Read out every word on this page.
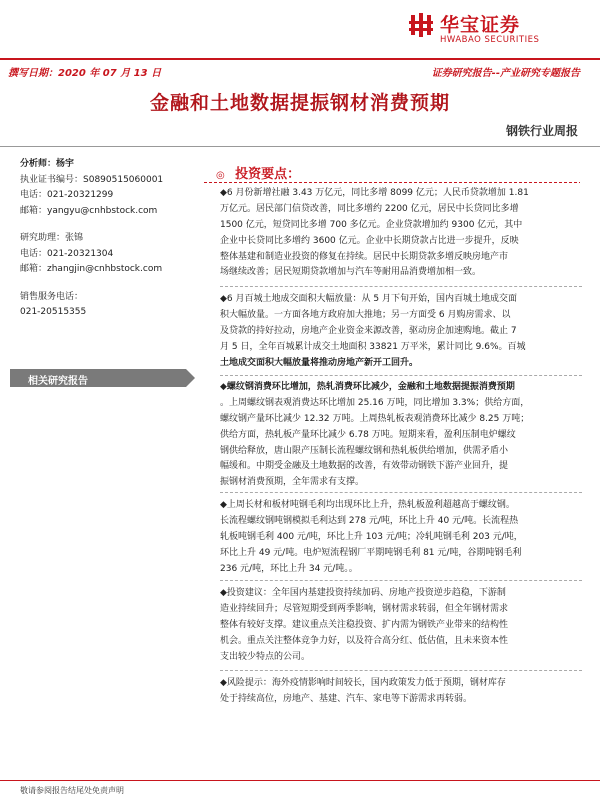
华宝证券
HWABAO SECURITIES
撰写日期：2020 年 07 月 13 日	证券研究报告--产业研究专题报告
金融和土地数据提振钢材消费预期
钢铁行业周报
分析师：杨宇
执业证书编号：S0890515060001
电话：021-20321299
邮箱：yangyu@cnhbstock.com
研究助理：张锦
电话：021-20321304
邮箱：zhangjin@cnhbstock.com
销售服务电话：
021-20515355
相关研究报告
◎ 投资要点：
◆6 月份新增社融 3.43 万亿元，同比多增 8099 亿元；人民币贷款增加 1.81
万亿元。居民部门信贷改善，同比多增约 2200 亿元，居民中长贷同比多增
1500 亿元，短贷同比多增 700 多亿元。企业贷款增加约 9300 亿元，其中
企业中长贷同比多增约 3600 亿元。企业中长期贷款占比进一步提升，反映
整体基建和制造业投资的修复在持续。居民中长期贷款多增反映房地产市
场继续改善；居民短期贷款增加与汽车等耐用品消费增加相一致。
◆6 月百城土地成交面积大幅放量：从 5 月下旬开始，国内百城土地成交面
积大幅放量。一方面各地方政府加大推地；另一方面受 6 月购房需求、以
及贷款的持好拉动，房地产企业资金来源改善，驱动房企加速购地。截止 7
月 5 日，全年百城累计成交土地面积 33821 万平米，累计同比 9.6%。百城
土地成交面积大幅放量将推动房地产新开工回升。
◆螺纹钢消费环比增加，热轧消费环比减少，金融和土地数据提振消费预期
。上周螺纹钢表观消费达环比增加 25.16 万吨，同比增加 3.3%；供给方面，
螺纹钢产量环比减少 12.32 万吨。上周热轧板表观消费环比减少 8.25 万吨；
供给方面，热轧板产量环比减少 6.78 万吨。短期来看，盈利压制电炉螺纹
钢供给释放，唐山限产压制长流程螺纹钢和热轧板供给增加，供需矛盾小
幅缓和。中期受金融及土地数据的改善，有效带动钢铁下游产业回升，提
振钢材消费预期，全年需求有支撑。
◆上周长材和板材吨钢毛利均出现环比上升，热轧板盈利超越高于螺纹钢。
长流程螺纹钢吨钢模拟毛利达到 278 元/吨，环比上升 40 元/吨。长流程热
轧板吨钢毛利 400 元/吨，环比上升 103 元/吨；冷轧吨钢毛利 203 元/吨，
环比上升 49 元/吨。电炉短流程钢厂平期吨钢毛利 81 元/吨，谷期吨钢毛利
236 元/吨，环比上升 34 元/吨。。
◆投资建议：全年国内基建投资持续加码、房地产投资逆步趋稳，下游制
造业持续回升；尽管短期受到两季影响，钢材需求转弱，但全年钢材需求
整体有较好支撑。建议重点关注稳投资、扩内需为钢铁产业带来的结构性
机会。重点关注整体竞争力好，以及符合高分红、低估值，且未来资本性
支出较少特点的公司。
◆风险提示：海外疫情影响时间较长，国内政策发力低于预期，钢材库存
处于持续高位，房地产、基建、汽车、家电等下游需求再转弱。
敬请参阅报告结尾处免责声明
